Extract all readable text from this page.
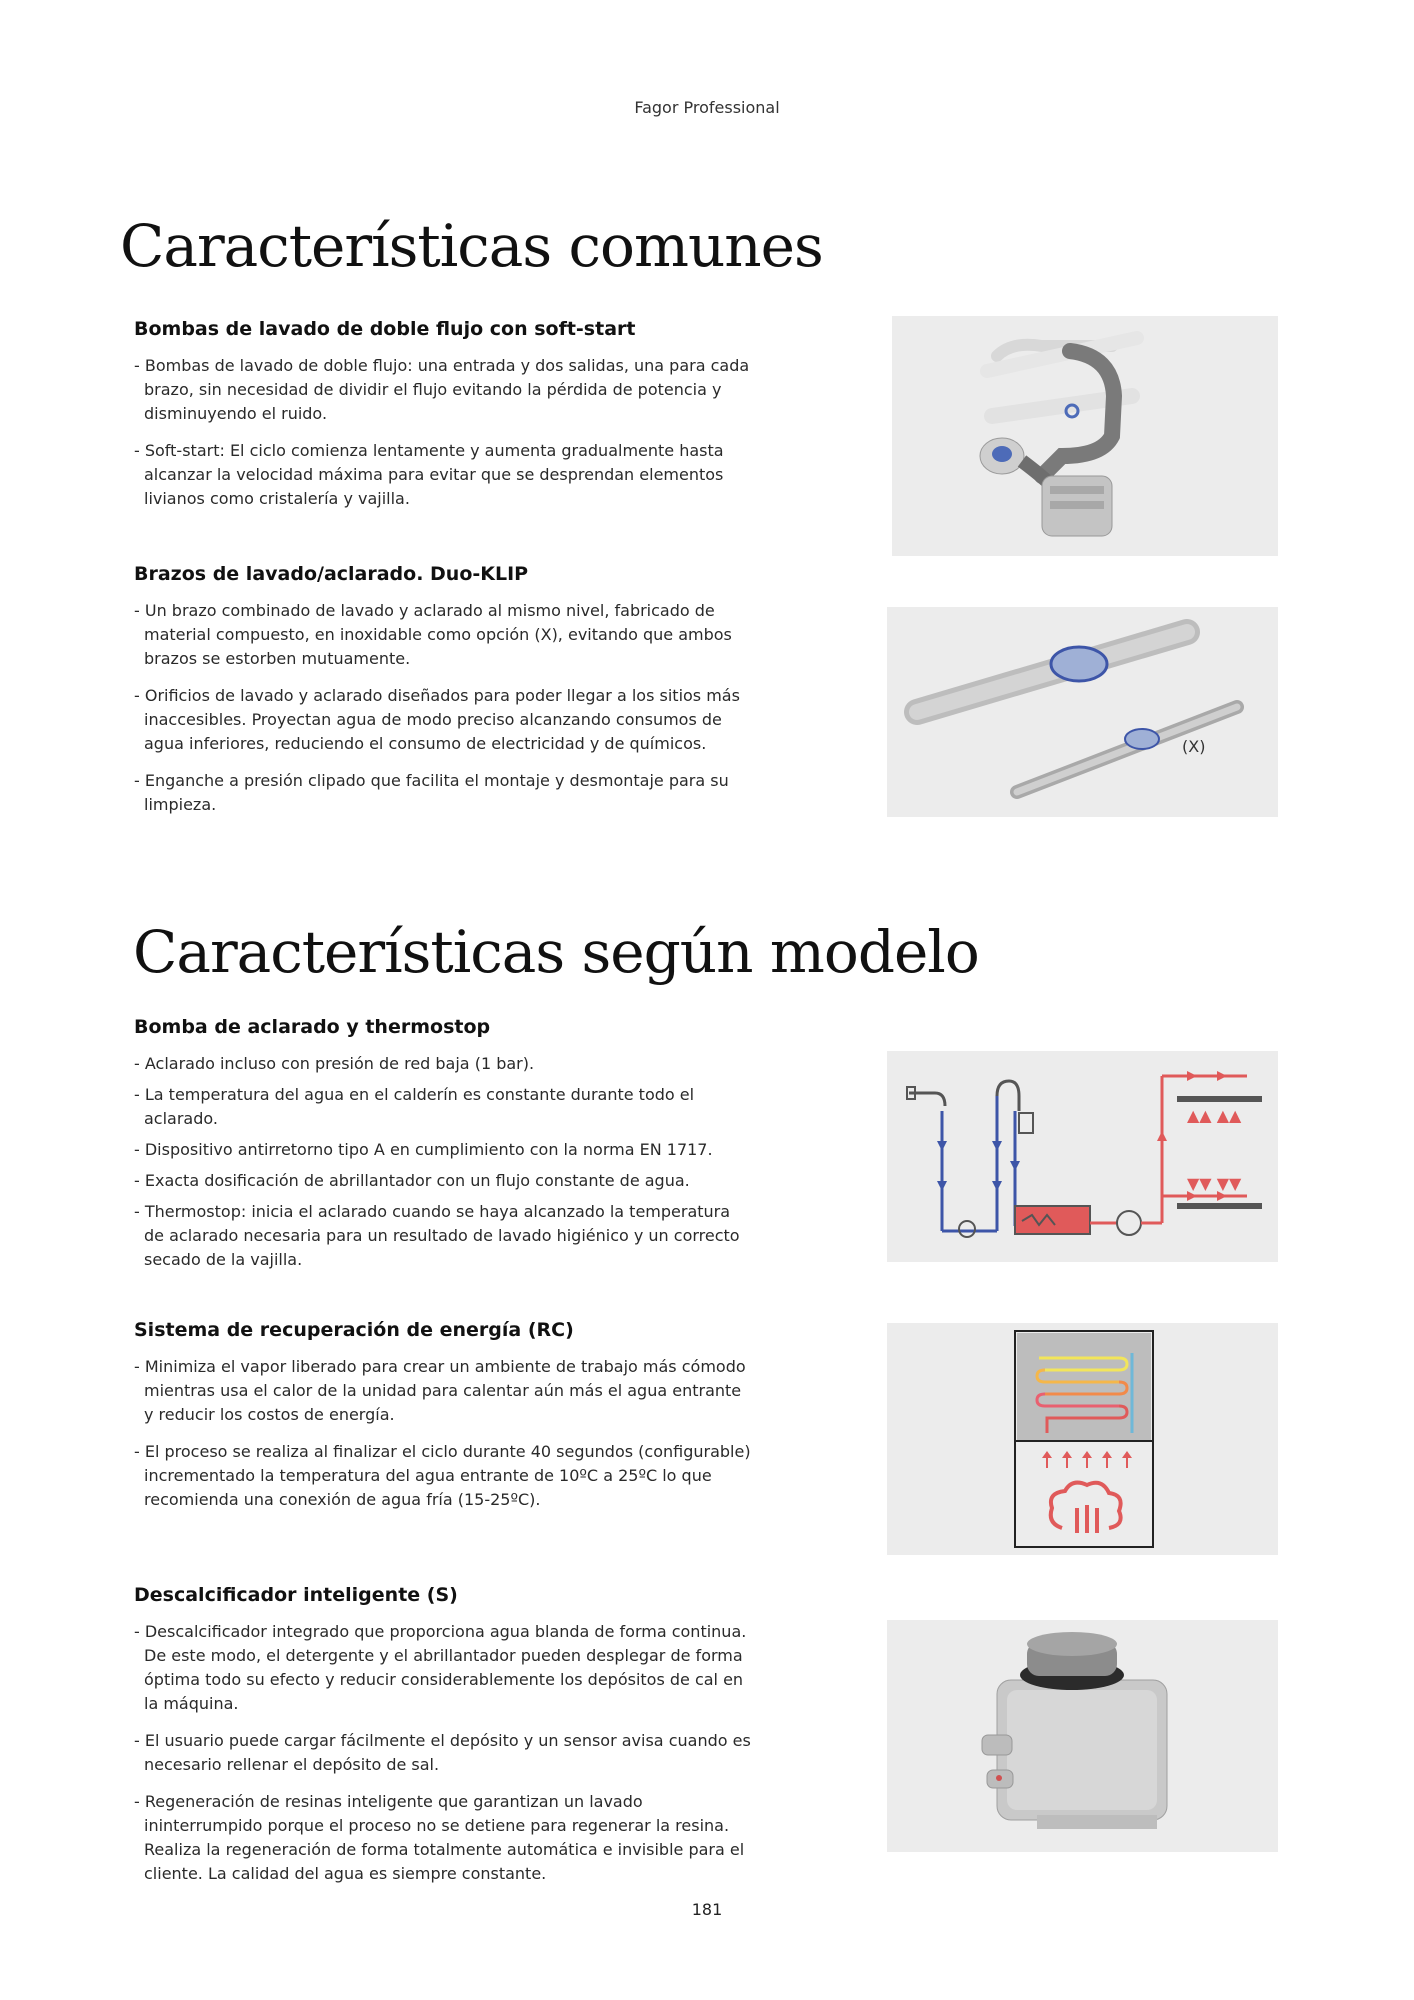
Fagor Professional
Características comunes
Bombas de lavado de doble flujo con soft-start
- Bombas de lavado de doble flujo: una entrada y dos salidas, una para cada brazo, sin necesidad de dividir el flujo evitando la pérdida de potencia y disminuyendo el ruido.
- Soft-start: El ciclo comienza lentamente y aumenta gradualmente hasta alcanzar la velocidad máxima para evitar que se desprendan elementos livianos como cristalería y vajilla.
Brazos de lavado/aclarado. Duo-KLIP
- Un brazo combinado de lavado y aclarado al mismo nivel, fabricado de material compuesto, en inoxidable como opción (X), evitando que ambos brazos se estorben mutuamente.
- Orificios de lavado y aclarado diseñados para poder llegar a los sitios más inaccesibles. Proyectan agua de modo preciso alcanzando consumos de agua inferiores, reduciendo el consumo de electricidad y de químicos.
- Enganche a presión clipado que facilita el montaje y desmontaje para su limpieza.
(X)
Características según modelo
Bomba de aclarado y thermostop
- Aclarado incluso con presión de red baja (1 bar).
- La temperatura del agua en el calderín es constante durante todo el aclarado.
- Dispositivo antirretorno tipo A en cumplimiento con la norma EN 1717.
- Exacta dosificación de abrillantador con un flujo constante de agua.
- Thermostop: inicia el aclarado cuando se haya alcanzado la temperatura de aclarado necesaria para un resultado de lavado higiénico y un correcto secado de la vajilla.
▲▲ ▲▲
▼▼ ▼▼
Sistema de recuperación de energía (RC)
- Minimiza el vapor liberado para crear un ambiente de trabajo más cómodo mientras usa el calor de la unidad para calentar aún más el agua entrante y reducir los costos de energía.
- El proceso se realiza al finalizar el ciclo durante 40 segundos (configurable) incrementado la temperatura del agua entrante de 10ºC a 25ºC lo que recomienda una conexión de agua fría (15-25ºC).
Descalcificador inteligente (S)
- Descalcificador integrado que proporciona agua blanda de forma continua. De este modo, el detergente y el abrillantador pueden desplegar de forma óptima todo su efecto y reducir considerablemente los depósitos de cal en la máquina.
- El usuario puede cargar fácilmente el depósito y un sensor avisa cuando es necesario rellenar el depósito de sal.
- Regeneración de resinas inteligente que garantizan un lavado ininterrumpido porque el proceso no se detiene para regenerar la resina. Realiza la regeneración de forma totalmente automática e invisible para el cliente. La calidad del agua es siempre constante.
181
